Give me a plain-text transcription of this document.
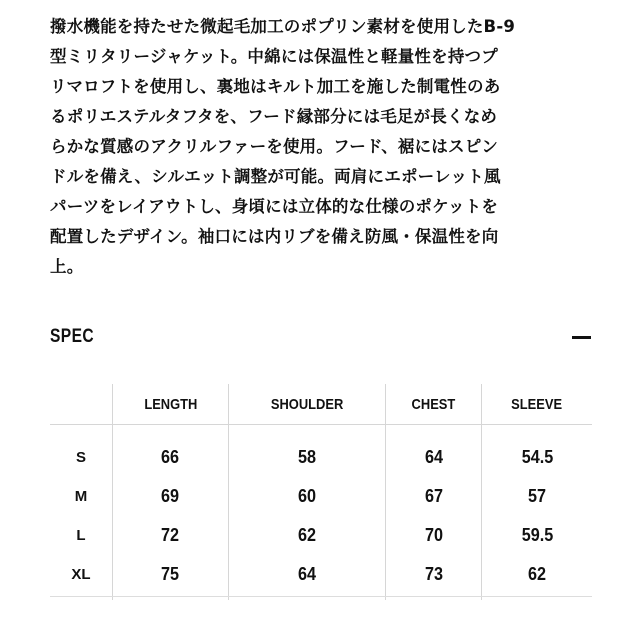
撥水機能を持たせた微起毛加工のポプリン素材を使用したB-9
型ミリタリージャケット。中綿には保温性と軽量性を持つプ
リマロフトを使用し、裏地はキルト加工を施した制電性のあ
るポリエステルタフタを、フード縁部分には毛足が長くなめ
らかな質感のアクリルファーを使用。フード、裾にはスピン
ドルを備え、シルエット調整が可能。両肩にエポーレット風
パーツをレイアウトし、身頃には立体的な仕様のポケットを
配置したデザイン。袖口には内リブを備え防風・保温性を向
上。

SPEC
	LENGTH	SHOULDER	CHEST	SLEEVE
S	66	58	64	54.5
M	69	60	67	57
L	72	62	70	59.5
XL	75	64	73	62
